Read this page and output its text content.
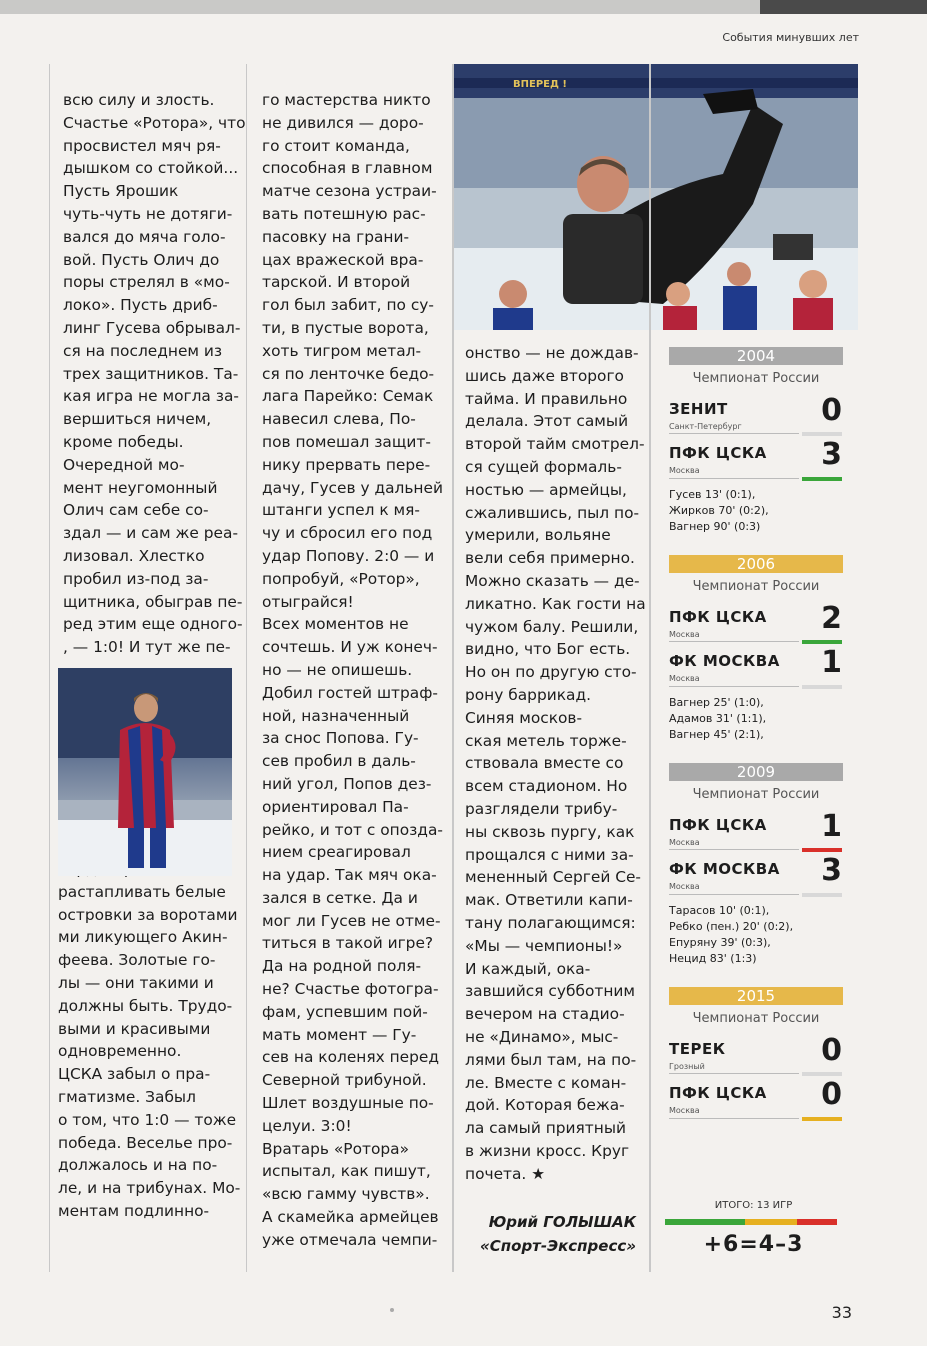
События минувших лет

всю силу и злость.
Счастье «Ротора», что
просвистел мяч ря-
дышком со стойкой...
Пусть Ярошик
чуть-чуть не дотяги-
вался до мяча голо-
вой. Пусть Олич до
поры стрелял в «мо-
локо». Пусть дриб-
линг Гусева обрывал-
ся на последнем из
трех защитников. Та-
кая игра не могла за-
вершиться ничем,
кроме победы.
Очередной мо-
мент неугомонный
Олич сам себе со-
здал — и сам же реа-
лизовал. Хлестко
пробил из-под за-
щитника, обыграв пе-
ред этим еще одного-
, — 1:0! И тут же пе-

растапливать белые
островки за воротами
ми ликующего Акин-
феева. Золотые го-
лы — они такими и
должны быть. Трудо-
выми и красивыми
одновременно.
ЦСКА забыл о пра-
гматизме. Забыл
о том, что 1:0 — тоже
победа. Веселье про-
должалось и на по-
ле, и на трибунах. Мо-
ментам подлинно-

го мастерства никто
не дивился — доро-
го стоит команда,
способная в главном
матче сезона устраи-
вать потешную рас-
пасовку на грани-
цах вражеской вра-
тарской. И второй
гол был забит, по су-
ти, в пустые ворота,
хоть тигром метал-
ся по ленточке бедо-
лага Парейко: Семак
навесил слева, По-
пов помешал защит-
нику прервать пере-
дачу, Гусев у дальней
штанги успел к мя-
чу и сбросил его под
удар Попову. 2:0 — и
попробуй, «Ротор»,
отыграйся!
Всех моментов не
сочтешь. И уж конеч-
но — не опишешь.
Добил гостей штраф-
ной, назначенный
за снос Попова. Гу-
сев пробил в даль-
ний угол, Попов дез-
ориентировал Па-
рейко, и тот с опозда-
нием среагировал
на удар. Так мяч ока-
зался в сетке. Да и
мог ли Гусев не отме-
титься в такой игре?
Да на родной поля-
не? Счастье фотогра-
фам, успевшим пой-
мать момент — Гу-
сев на коленях перед
Северной трибуной.
Шлет воздушные по-
целуи. 3:0!
Вратарь «Ротора»
испытал, как пишут,
«всю гамму чувств».
А скамейка армейцев
уже отмечала чемпи-

ВПЕРЕД !

онство — не дождав-
шись даже второго
тайма. И правильно
делала. Этот самый
второй тайм смотрел-
ся сущей формаль-
ностью — армейцы,
сжалившись, пыл по-
умерили, вольяне
вели себя примерно.
Можно сказать — де-
ликатно. Как гости на
чужом балу. Решили,
видно, что Бог есть.
Но он по другую сто-
рону баррикад.
Синяя москов-
ская метель торже-
ствовала вместе со
всем стадионом. Но
разглядели трибу-
ны сквозь пургу, как
прощался с ними за-
мененный Сергей Се-
мак. Ответили капи-
тану полагающимся:
«Мы — чемпионы!»
И каждый, ока-
завшийся субботним
вечером на стадио-
не «Динамо», мыс-
лями был там, на по-
ле. Вместе с коман-
дой. Которая бежа-
ла самый приятный
в жизни кросс. Круг
почета. ★

Юрий ГОЛЫШАК
«Спорт-Экспресс»
2004
Чемпионат России
ЗЕНИТ
Санкт-Петербург	0
ПФК ЦСКА
Москва	3
Гусев 13' (0:1),
Жирков 70' (0:2),
Вагнер 90' (0:3)
2006
Чемпионат России
ПФК ЦСКА
Москва	2
ФК МОСКВА
Москва	1
Вагнер 25' (1:0),
Адамов 31' (1:1),
Вагнер 45' (2:1),
2009
Чемпионат России
ПФК ЦСКА
Москва	1
ФК МОСКВА
Москва	3
Тарасов 10' (0:1),
Ребко (пен.) 20' (0:2),
Епуряну 39' (0:3),
Нецид 83' (1:3)
2015
Чемпионат России
ТЕРЕК
Грозный	0
ПФК ЦСКА
Москва	0
ИТОГО: 13 ИГР
+6=4–3
33
